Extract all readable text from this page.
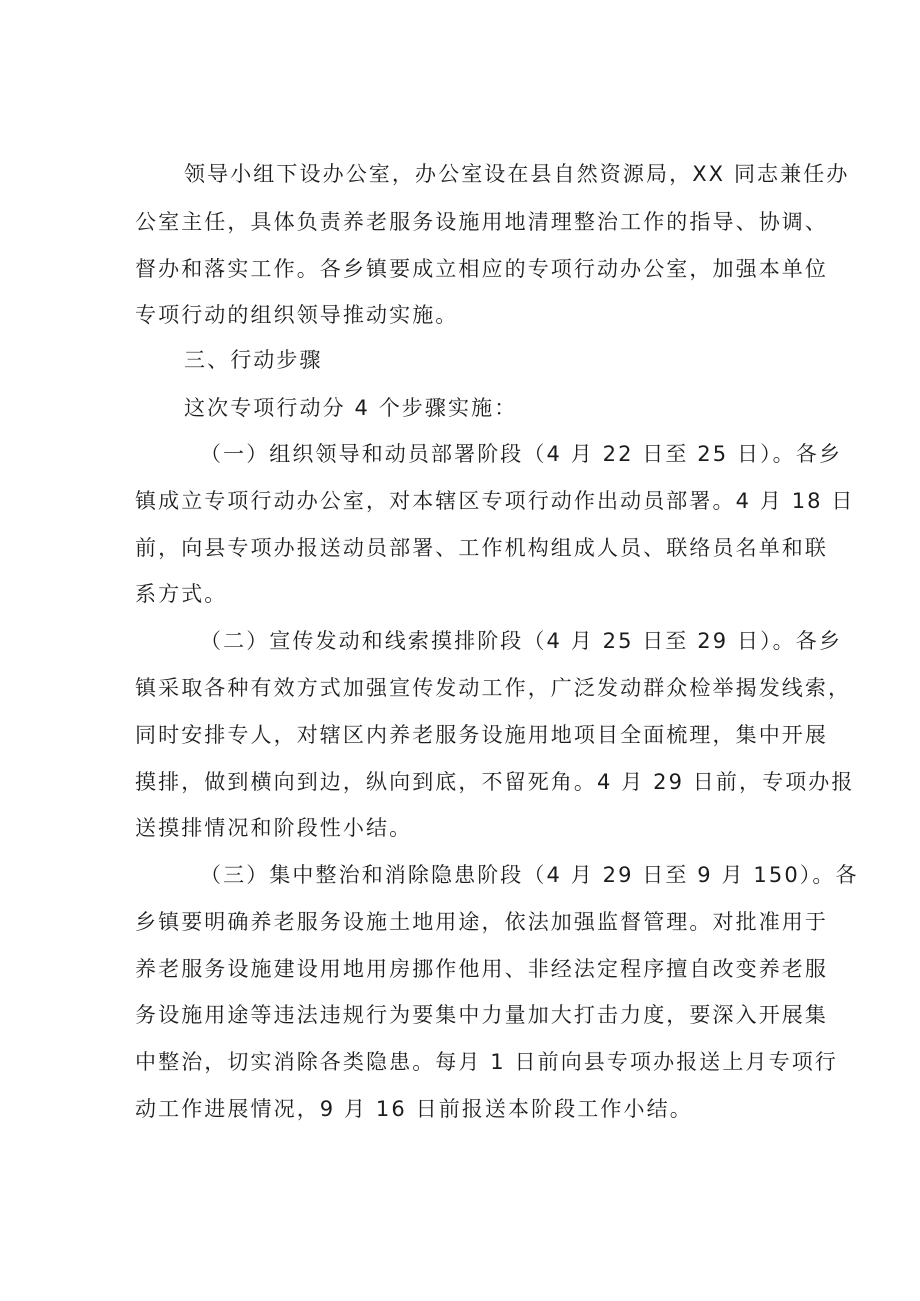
领导小组下设办公室，办公室设在县自然资源局，XX 同志兼任办
公室主任，具体负责养老服务设施用地清理整治工作的指导、协调、
督办和落实工作。各乡镇要成立相应的专项行动办公室，加强本单位
专项行动的组织领导推动实施。
三、行动步骤
这次专项行动分 4 个步骤实施：
（一）组织领导和动员部署阶段（4 月 22 日至 25 日）。各乡
镇成立专项行动办公室，对本辖区专项行动作出动员部署。4 月 18 日
前，向县专项办报送动员部署、工作机构组成人员、联络员名单和联
系方式。
（二）宣传发动和线索摸排阶段（4 月 25 日至 29 日）。各乡
镇采取各种有效方式加强宣传发动工作，广泛发动群众检举揭发线索，
同时安排专人，对辖区内养老服务设施用地项目全面梳理，集中开展
摸排，做到横向到边，纵向到底，不留死角。4 月 29 日前，专项办报
送摸排情况和阶段性小结。
（三）集中整治和消除隐患阶段（4 月 29 日至 9 月 150）。各
乡镇要明确养老服务设施土地用途，依法加强监督管理。对批准用于
养老服务设施建设用地用房挪作他用、非经法定程序擅自改变养老服
务设施用途等违法违规行为要集中力量加大打击力度，要深入开展集
中整治，切实消除各类隐患。每月 1 日前向县专项办报送上月专项行
动工作进展情况，9 月 16 日前报送本阶段工作小结。
